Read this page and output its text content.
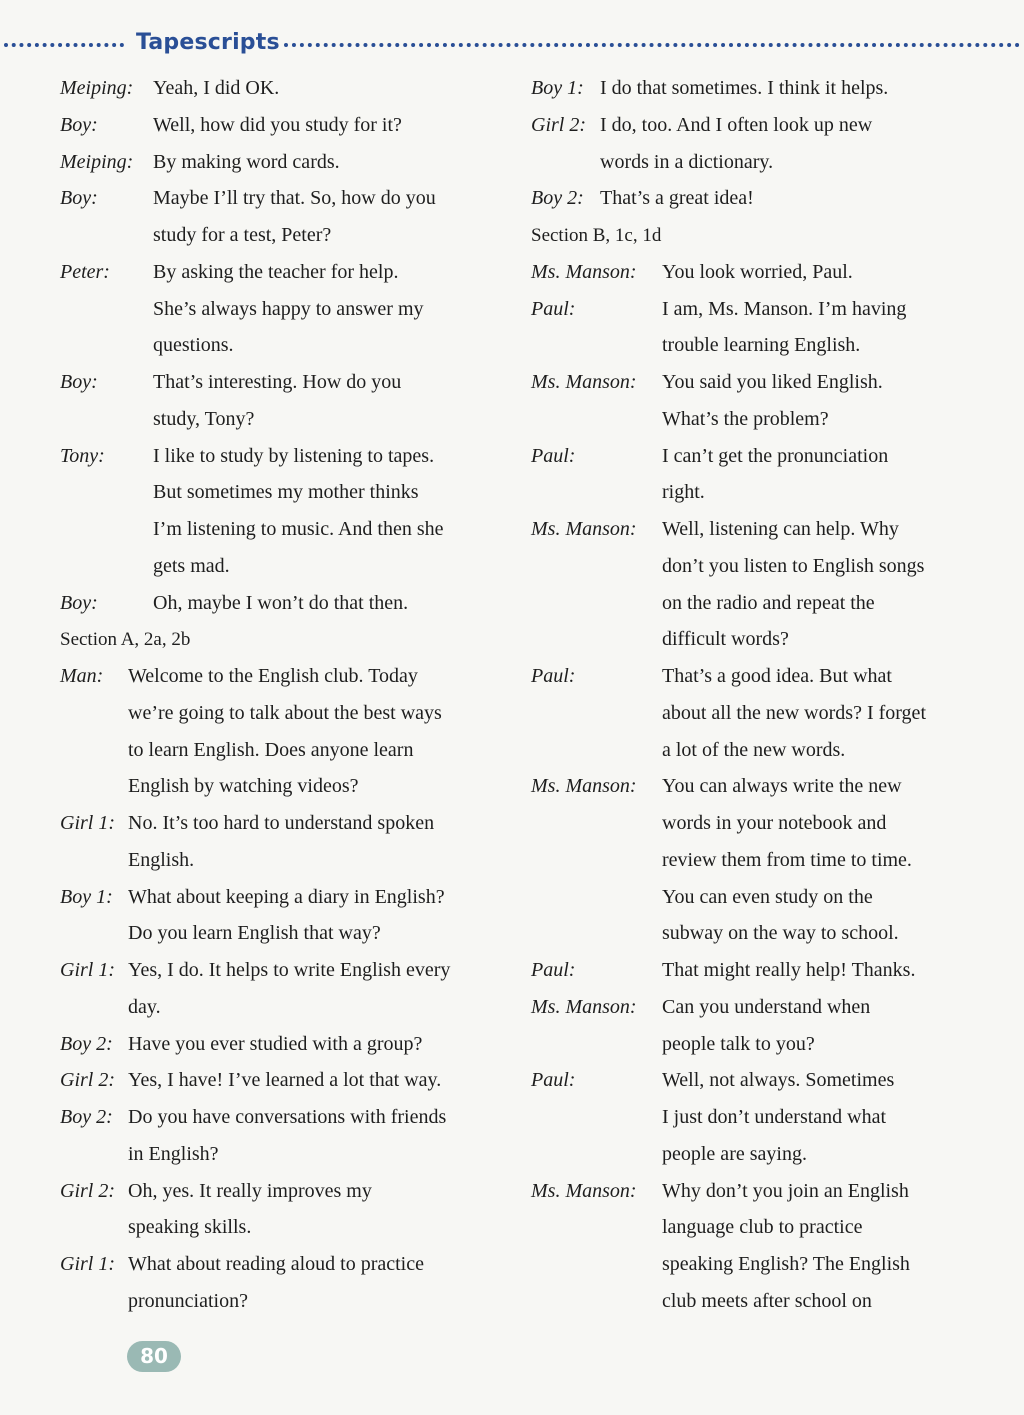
Tapescripts
Meiping: Yeah, I did OK.
Boy:	Well, how did you study for it?
Meiping: By making word cards.
Boy:	Maybe I’ll try that. So, how do you
study for a test, Peter?
Peter: By asking the teacher for help.
She’s always happy to answer my
questions.
Boy:	That’s interesting. How do you
study, Tony?
Tony: I like to study by listening to tapes.
But sometimes my mother thinks
I’m listening to music. And then she
gets mad.
Boy:	Oh, maybe I won’t do that then.
Section A, 2a, 2b
Man: Welcome to the English club. Today
we’re going to talk about the best ways
to learn English. Does anyone learn
English by watching videos?
Girl 1: No. It’s too hard to understand spoken
English.
Boy 1: What about keeping a diary in English?
Do you learn English that way?
Girl 1: Yes, I do. It helps to write English every
day.
Boy 2: Have you ever studied with a group?
Girl 2: Yes, I have! I’ve learned a lot that way.
Boy 2: Do you have conversations with friends
in English?
Girl 2: Oh, yes. It really improves my
speaking skills.
Girl 1: What about reading aloud to practice
pronunciation?
Boy 1: I do that sometimes. I think it helps.
Girl 2: I do, too. And I often look up new
words in a dictionary.
Boy 2: That’s a great idea!
Section B, 1c, 1d
Ms. Manson: You look worried, Paul.
Paul:	I am, Ms. Manson. I’m having
trouble learning English.
Ms. Manson: You said you liked English.
What’s the problem?
Paul:	I can’t get the pronunciation
right.
Ms. Manson: Well, listening can help. Why
don’t you listen to English songs
on the radio and repeat the
difficult words?
Paul:	That’s a good idea. But what
about all the new words? I forget
a lot of the new words.
Ms. Manson: You can always write the new
words in your notebook and
review them from time to time.
You can even study on the
subway on the way to school.
Paul:	That might really help! Thanks.
Ms. Manson: Can you understand when
people talk to you?
Paul:	Well, not always. Sometimes
I just don’t understand what
people are saying.
Ms. Manson: Why don’t you join an English
language club to practice
speaking English? The English
club meets after school on
80
